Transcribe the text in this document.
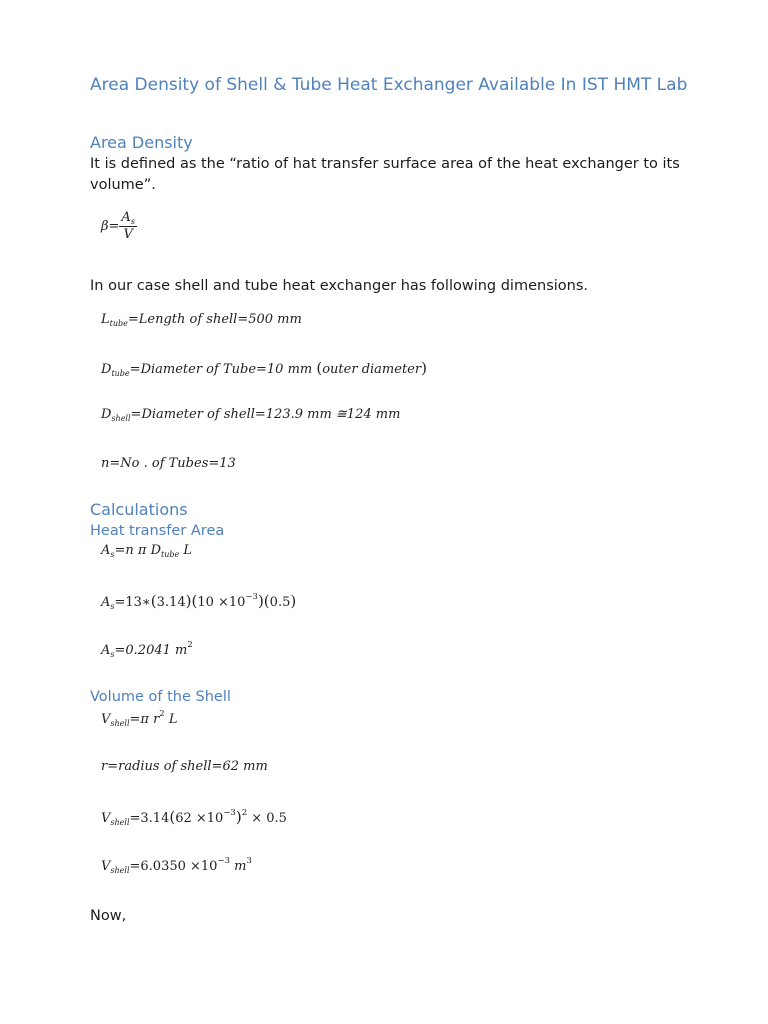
Area Density of Shell & Tube Heat Exchanger Available In IST HMT Lab
Area Density
It is defined as the “ratio of hat transfer surface area of the heat exchanger to its volume”.
$\beta= \frac{A_s}{V}$
In our case shell and tube heat exchanger has following dimensions.
$L_{tube}=Length$ of shell=500 mm
$D_{tube}=Diameter$ of Tube=10 mm (outer diameter)
$D_{shell}=Diameter$ of shell=123.9 mm ≅124 mm
n=No . of Tubes=13
Calculations
Heat transfer Area
$A_s=n$ π $D_{tube}$ L
$A_s=13∗(3.14)(10 \times 10^{-3})(0.5)$
$A_s=0.2041$ $m^2$
Volume of the Shell
$V_{shell}=\pi$ $r^2$ L
r=radius of shell=62 mm
$V_{shell}=3.14(62 \times 10^{-3})^2 \times 0.5$
$V_{shell}=6.0350 \times 10^{-3}$ $m^3$
Now,
